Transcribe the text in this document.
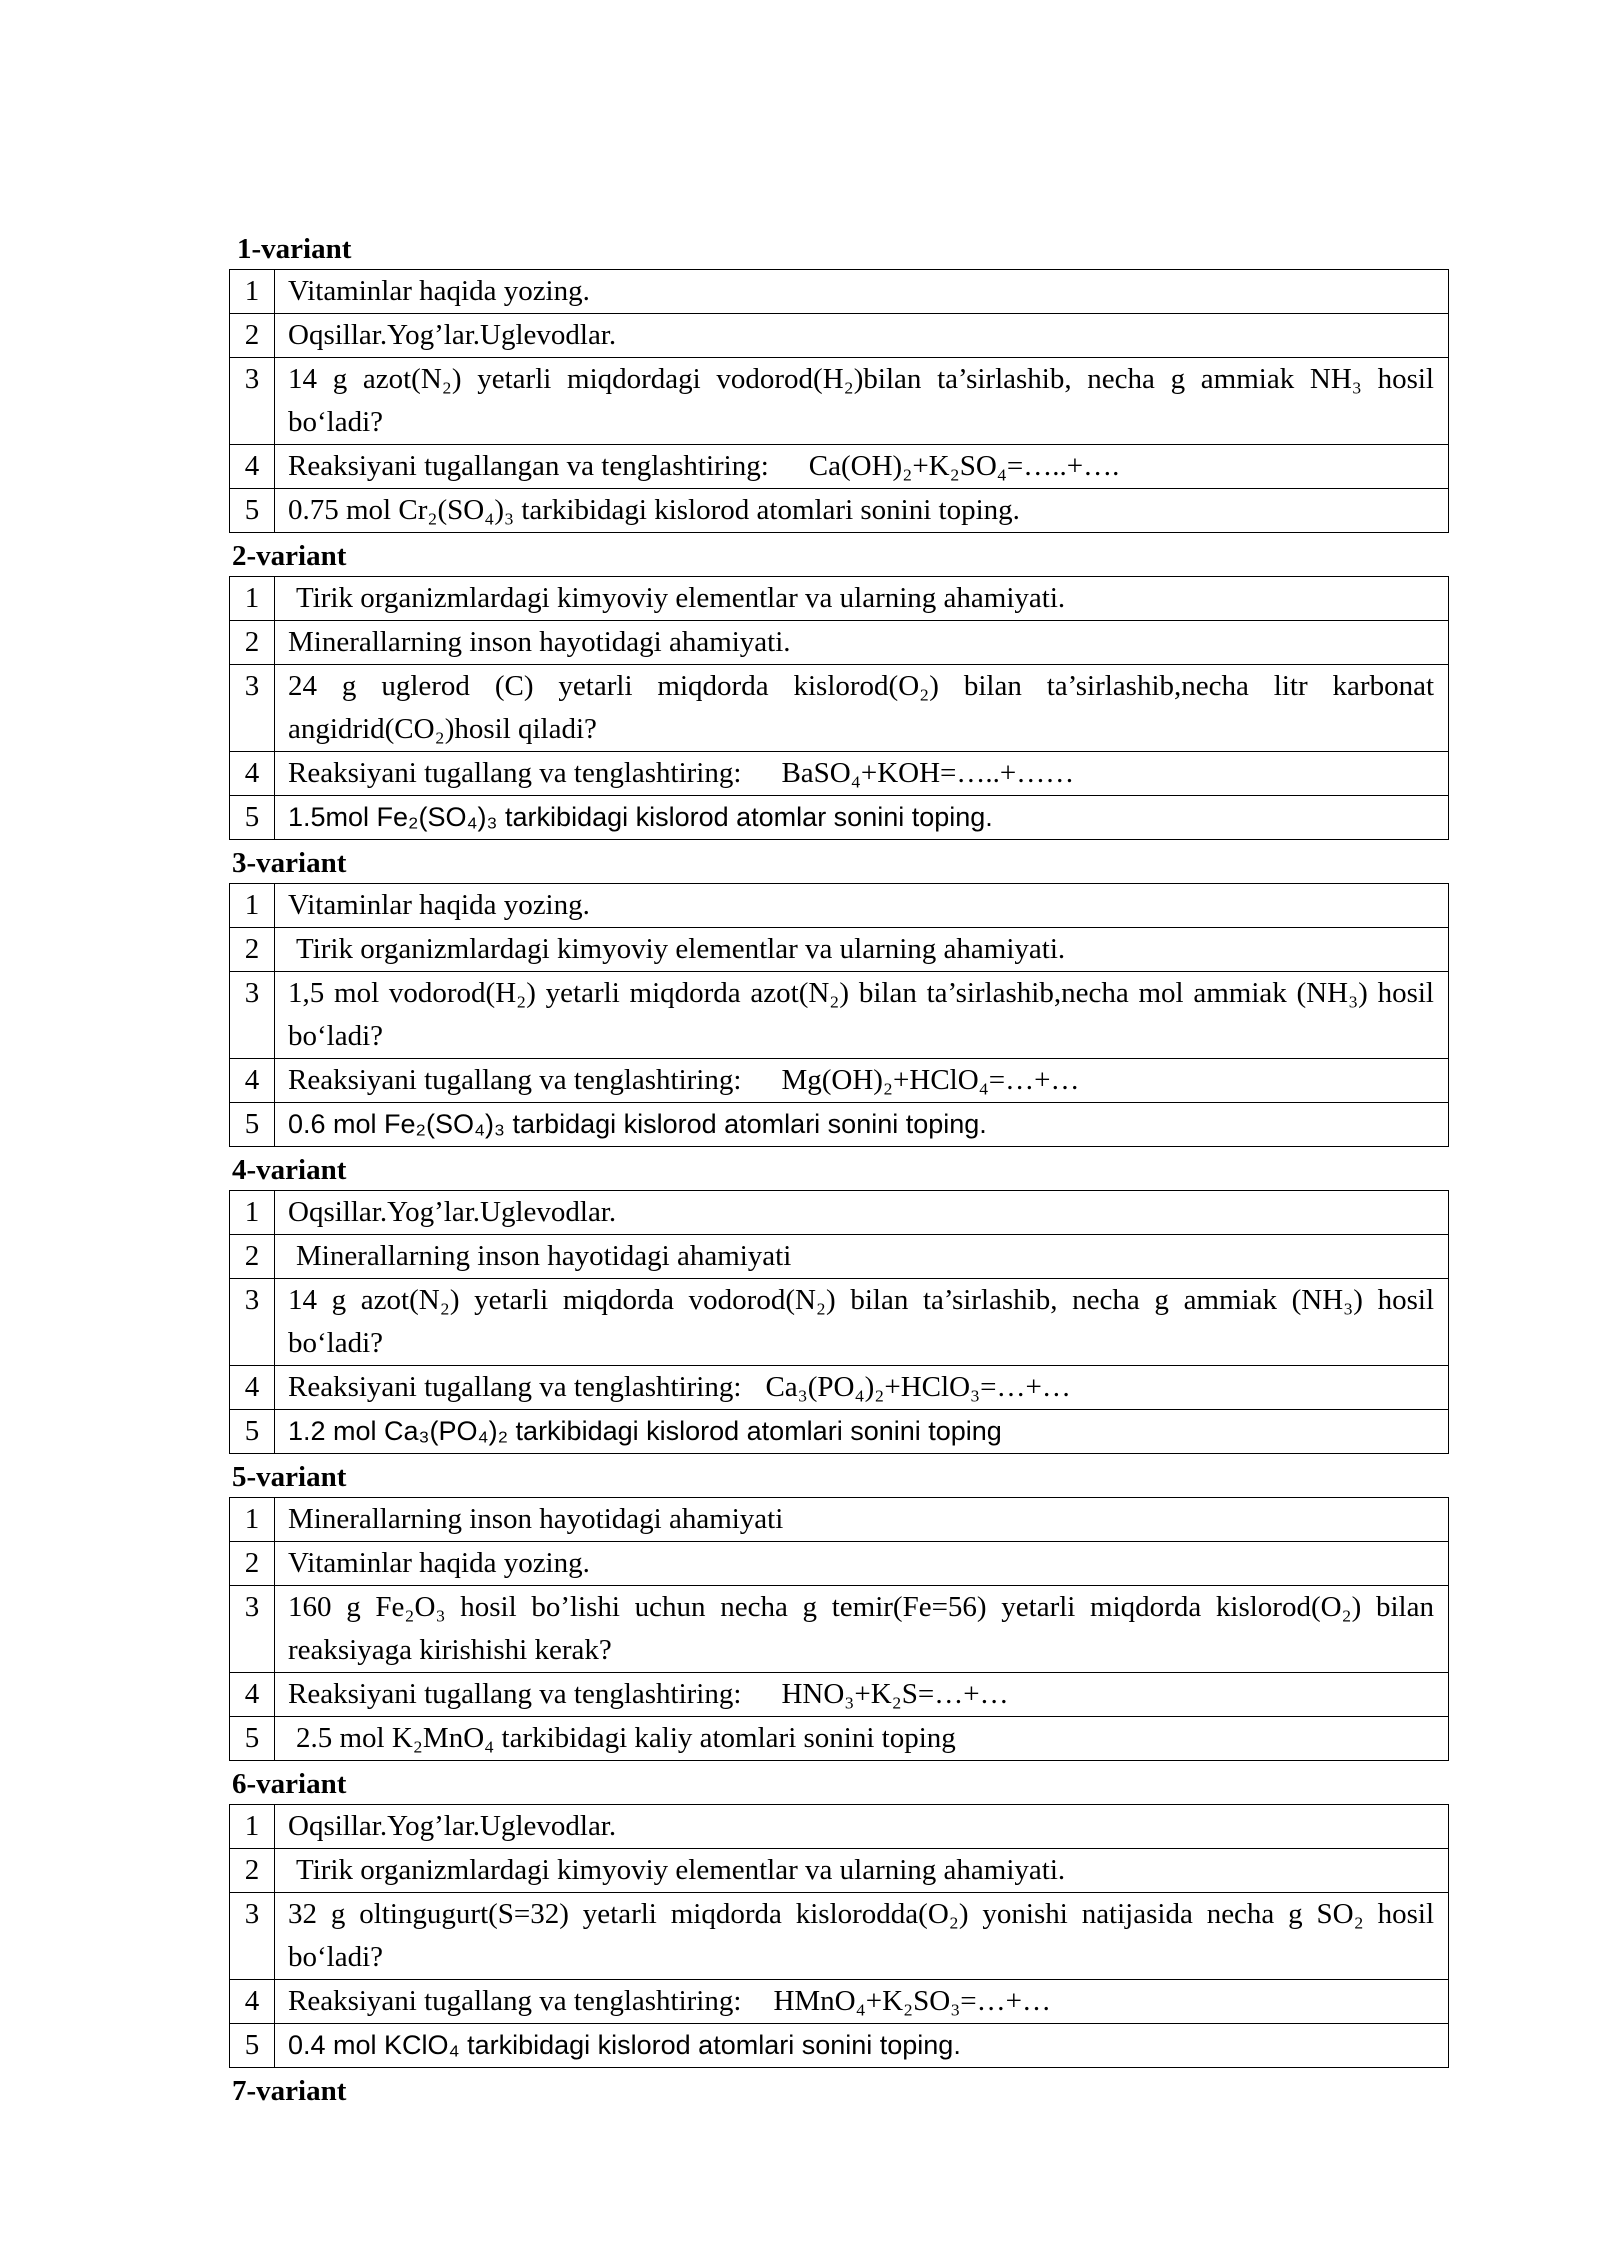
1-variant
1	Vitaminlar haqida yozing.
2	Oqsillar.Yog’lar.Uglevodlar.
3	14 g azot(N₂) yetarli miqdordagi vodorod(H₂)bilan ta’sirlashib, necha g ammiak NH₃ hosil bo‘ladi?
4	Reaksiyani tugallangan va tenglashtiring: Ca(OH)₂+K₂SO₄=…..+….
5	0.75 mol Cr₂(SO₄)₃ tarkibidagi kislorod atomlari sonini toping.
2-variant
1	Tirik organizmlardagi kimyoviy elementlar va ularning ahamiyati.
2	Minerallarning inson hayotidagi ahamiyati.
3	24 g uglerod (C) yetarli miqdorda kislorod(O₂) bilan ta’sirlashib,necha litr karbonat angidrid(CO₂)hosil qiladi?
4	Reaksiyani tugallang va tenglashtiring: BaSO₄+KOH=…..+……
5	1.5mol Fe₂(SO₄)₃ tarkibidagi kislorod atomlar sonini toping.
3-variant
1	Vitaminlar haqida yozing.
2	Tirik organizmlardagi kimyoviy elementlar va ularning ahamiyati.
3	1,5 mol vodorod(H₂) yetarli miqdorda azot(N₂) bilan ta’sirlashib,necha mol ammiak (NH₃) hosil bo‘ladi?
4	Reaksiyani tugallang va tenglashtiring: Mg(OH)₂+HClO₄=…+…
5	0.6 mol Fe₂(SO₄)₃ tarbidagi kislorod atomlari sonini toping.
4-variant
1	Oqsillar.Yog’lar.Uglevodlar.
2	Minerallarning inson hayotidagi ahamiyati
3	14 g azot(N₂) yetarli miqdorda vodorod(N₂) bilan ta’sirlashib, necha g ammiak (NH₃) hosil bo‘ladi?
4	Reaksiyani tugallang va tenglashtiring: Ca₃(PO₄)₂+HClO₃=…+…
5	1.2 mol Ca₃(PO₄)₂ tarkibidagi kislorod atomlari sonini toping
5-variant
1	Minerallarning inson hayotidagi ahamiyati
2	Vitaminlar haqida yozing.
3	160 g Fe₂O₃ hosil bo’lishi uchun necha g temir(Fe=56) yetarli miqdorda kislorod(O₂) bilan reaksiyaga kirishishi kerak?
4	Reaksiyani tugallang va tenglashtiring: HNO₃+K₂S=…+…
5	2.5 mol K₂MnO₄ tarkibidagi kaliy atomlari sonini toping
6-variant
1	Oqsillar.Yog’lar.Uglevodlar.
2	Tirik organizmlardagi kimyoviy elementlar va ularning ahamiyati.
3	32 g oltingugurt(S=32) yetarli miqdorda kislorodda(O₂) yonishi natijasida necha g SO₂ hosil bo‘ladi?
4	Reaksiyani tugallang va tenglashtiring: HMnO₄+K₂SO₃=…+…
5	0.4 mol KClO₄ tarkibidagi kislorod atomlari sonini toping.
7-variant
